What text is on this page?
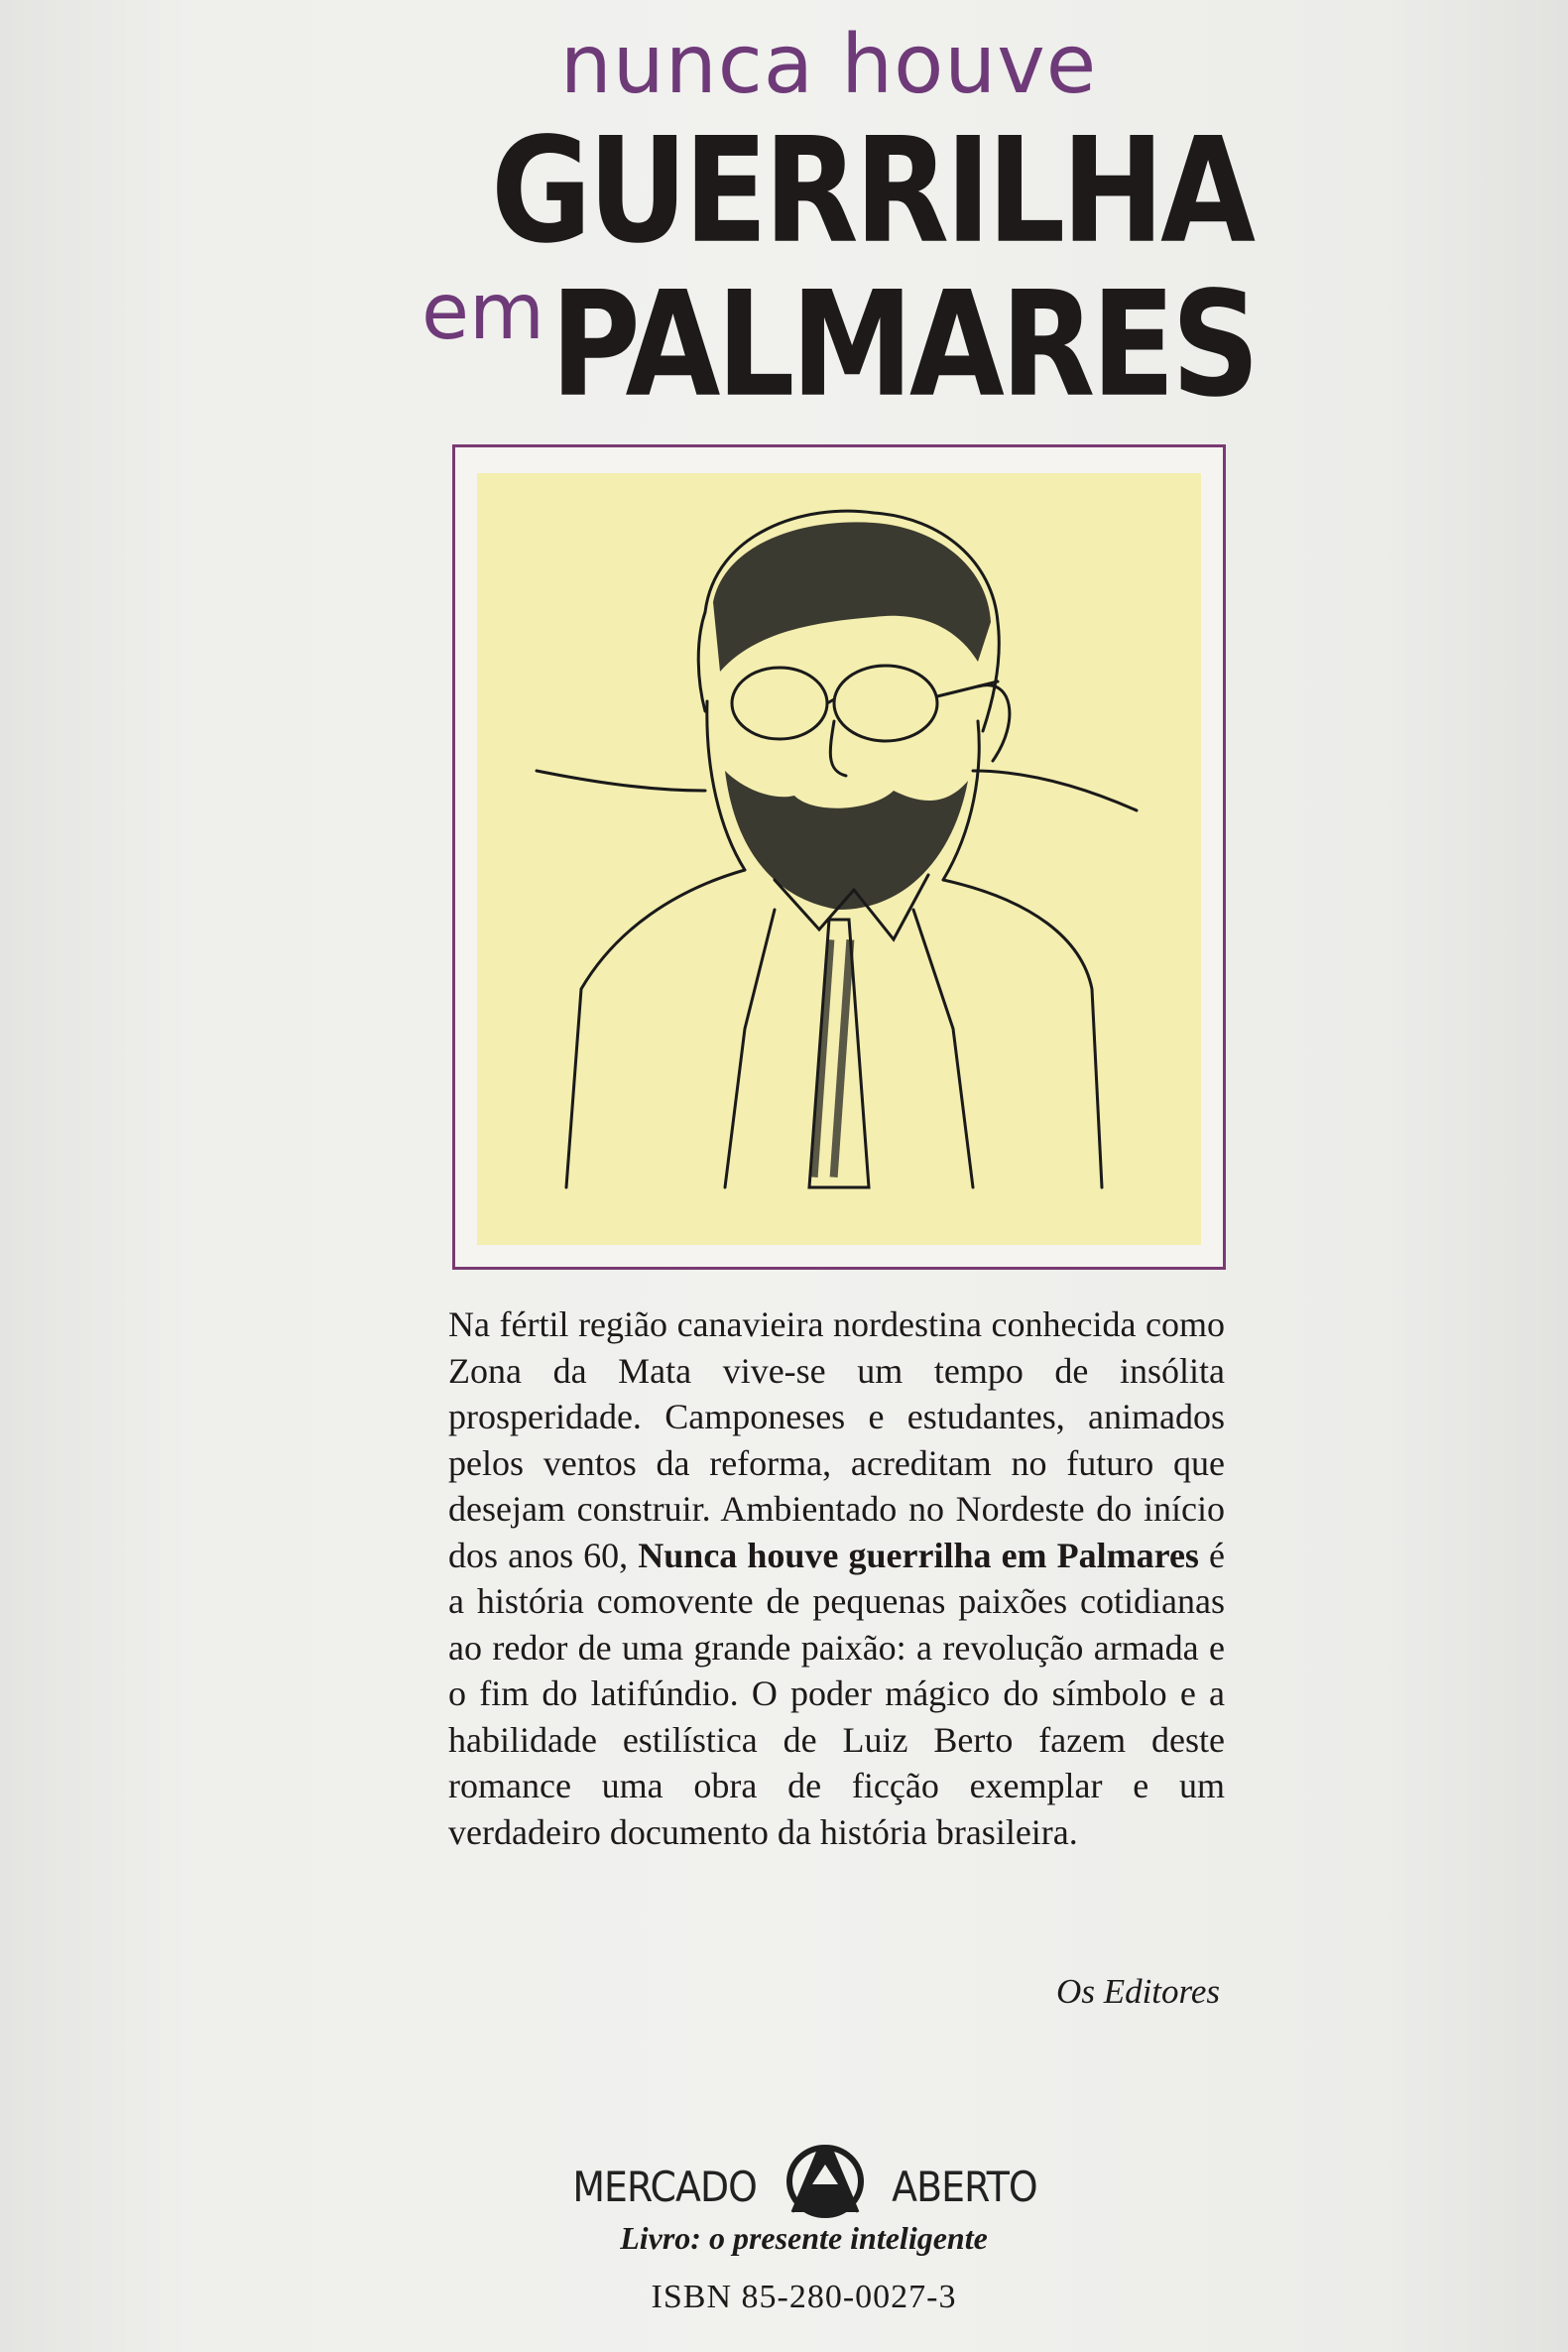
nunca houve
GUERRILHA
em PALMARES
Na fértil região canavieira nordestina conhecida como Zona da Mata vive-se um tempo de insólita prosperidade. Camponeses e estudantes, animados pelos ventos da reforma, acreditam no futuro que desejam construir. Ambientado no Nordeste do início dos anos 60, Nunca houve guerrilha em Palmares é a história comovente de pequenas paixões cotidianas ao redor de uma grande paixão: a revolução armada e o fim do latifúndio. O poder mágico do símbolo e a habilidade estilística de Luiz Berto fazem deste romance uma obra de ficção exemplar e um verdadeiro documento da história brasileira.
Os Editores
MERCADO	ABERTO
Livro: o presente inteligente
ISBN 85-280-0027-3
